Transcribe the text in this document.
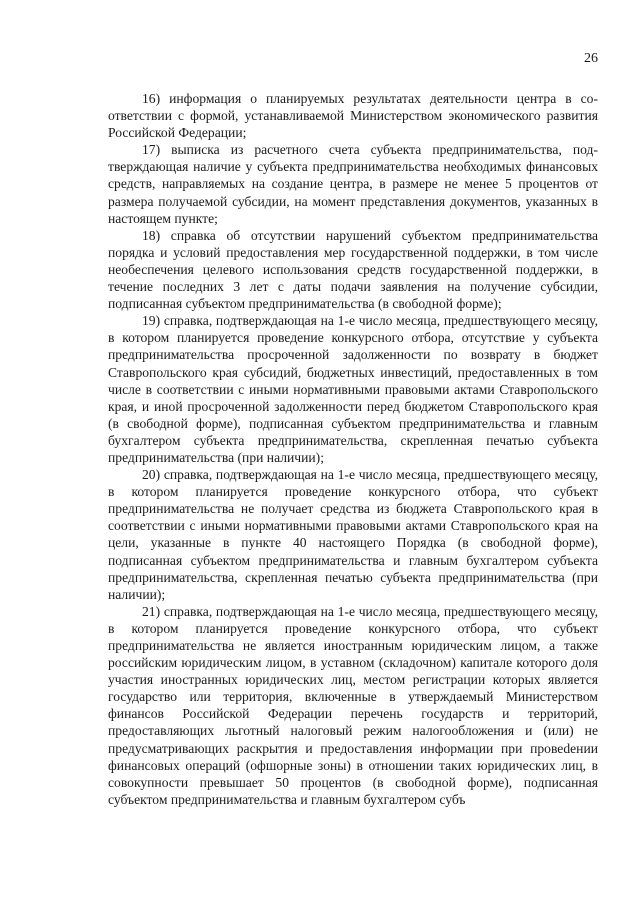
26

16) информация о планируемых результатах деятельности центра в соответствии с формой, устанавливаемой Министерством экономического развития Российской Федерации;

17) выписка из расчетного счета субъекта предпринимательства, подтверждающая наличие у субъекта предпринимательства необходимых финансовых средств, направляемых на создание центра, в размере не менее 5 процентов от размера получаемой субсидии, на момент представления документов, указанных в настоящем пункте;

18) справка об отсутствии нарушений субъектом предпринимательства порядка и условий предоставления мер государственной поддержки, в том числе необеспечения целевого использования средств государственной поддержки, в течение последних 3 лет с даты подачи заявления на получение субсидии, подписанная субъектом предпринимательства (в свободной форме);

19) справка, подтверждающая на 1-е число месяца, предшествующего месяцу, в котором планируется проведение конкурсного отбора, отсутствие у субъекта предпринимательства просроченной задолженности по возврату в бюджет Ставропольского края субсидий, бюджетных инвестиций, предоставленных в том числе в соответствии с иными нормативными правовыми актами Ставропольского края, и иной просроченной задолженности перед бюджетом Ставропольского края (в свободной форме), подписанная субъектом предпринимательства и главным бухгалтером субъекта предпринимательства, скрепленная печатью субъекта предпринимательства (при наличии);

20) справка, подтверждающая на 1-е число месяца, предшествующего месяцу, в котором планируется проведение конкурсного отбора, что субъект предпринимательства не получает средства из бюджета Ставропольского края в соответствии с иными нормативными правовыми актами Ставропольского края на цели, указанные в пункте 40 настоящего Порядка (в свободной форме), подписанная субъектом предпринимательства и главным бухгалтером субъекта предпринимательства, скрепленная печатью субъекта предпринимательства (при наличии);

21) справка, подтверждающая на 1-е число месяца, предшествующего месяцу, в котором планируется проведение конкурсного отбора, что субъект предпринимательства не является иностранным юридическим лицом, а также российским юридическим лицом, в уставном (складочном) капитале которого доля участия иностранных юридических лиц, местом регистрации которых является государство или территория, включенные в утверждаемый Министерством финансов Российской Федерации перечень государств и территорий, предоставляющих льготный налоговый режим налогообложения и (или) не предусматривающих раскрытия и предоставления информации при провеdении финансовых операций (офшорные зоны) в отношении таких юридических лиц, в совокупности превышает 50 процентов (в свободной форме), подписанная субъектом предпринимательства и главным бухгалтером субъ
